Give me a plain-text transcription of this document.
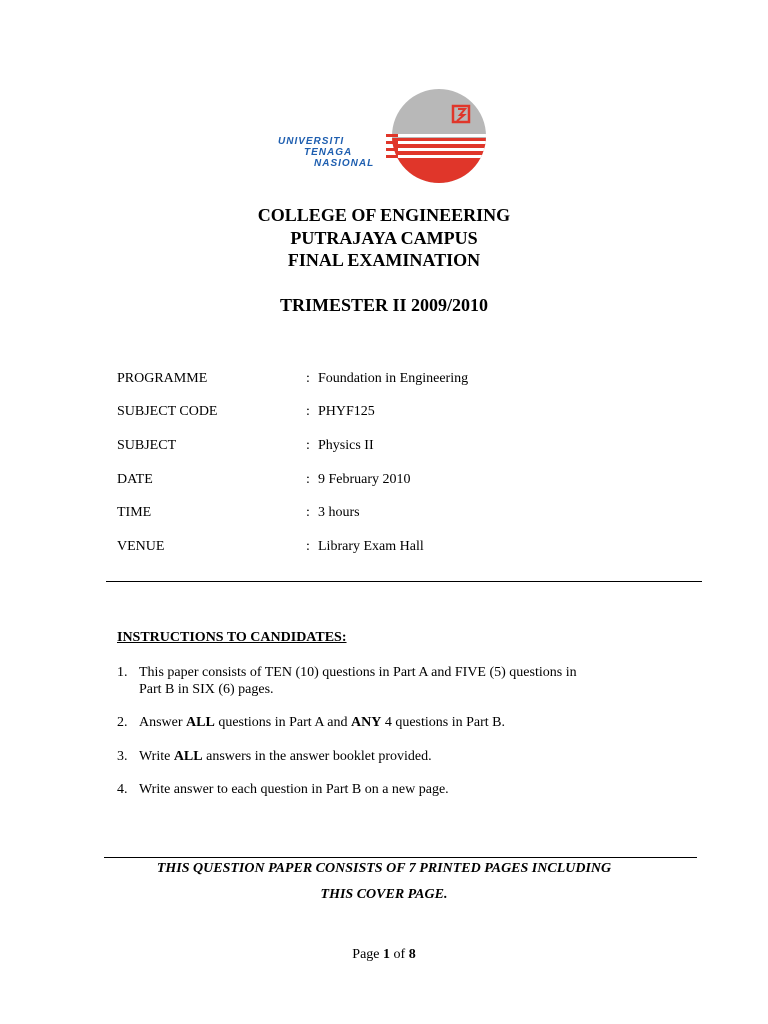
UNIVERSITI
TENAGA
NASIONAL
COLLEGE OF ENGINEERING
PUTRAJAYA CAMPUS
FINAL EXAMINATION
TRIMESTER II 2009/2010
PROGRAMME	: Foundation in Engineering
SUBJECT CODE	: PHYF125
SUBJECT	: Physics II
DATE	: 9 February 2010
TIME	: 3 hours
VENUE	: Library Exam Hall
INSTRUCTIONS TO CANDIDATES:
1. This paper consists of TEN (10) questions in Part A and FIVE (5) questions in
Part B in SIX (6) pages.
2. Answer ALL questions in Part A and ANY 4 questions in Part B.
3. Write ALL answers in the answer booklet provided.
4. Write answer to each question in Part B on a new page.
THIS QUESTION PAPER CONSISTS OF 7 PRINTED PAGES INCLUDING
THIS COVER PAGE.
Page 1 of 8
